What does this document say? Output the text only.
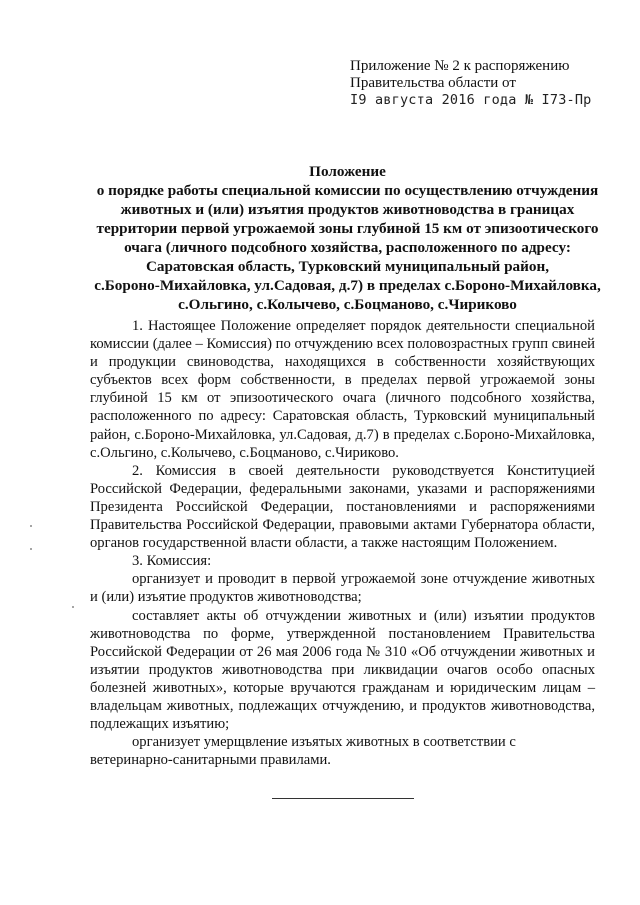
Приложение № 2 к распоряжению
Правительства области от
I9 августа 2016 года № I73-Пр
Положение
о порядке работы специальной комиссии по осуществлению отчуждения
животных и (или) изъятия продуктов животноводства в границах
территории первой угрожаемой зоны глубиной 15 км от эпизоотического
очага (личного подсобного хозяйства, расположенного по адресу:
Саратовская область, Турковский муниципальный район,
с.Бороно-Михайловка, ул.Садовая, д.7) в пределах с.Бороно-Михайловка,
с.Ольгино, с.Колычево, с.Боцманово, с.Чириково

1. Настоящее Положение определяет порядок деятельности специальной комиссии (далее – Комиссия) по отчуждению всех половозрастных групп свиней и продукции свиноводства, находящихся в собственности хозяйствующих субъектов всех форм собственности, в пределах первой угрожаемой зоны глубиной 15 км от эпизоотического очага (личного подсобного хозяйства, расположенного по адресу: Саратовская область, Турковский муниципальный район, с.Бороно-Михайловка, ул.Садовая, д.7) в пределах с.Бороно-Михайловка, с.Ольгино, с.Колычево, с.Боцманово, с.Чириково.

2. Комиссия в своей деятельности руководствуется Конституцией Российской Федерации, федеральными законами, указами и распоряжениями Президента Российской Федерации, постановлениями и распоряжениями Правительства Российской Федерации, правовыми актами Губернатора области, органов государственной власти области, а также настоящим Положением.

3. Комиссия:

организует и проводит в первой угрожаемой зоне отчуждение животных и (или) изъятие продуктов животноводства;

составляет акты об отчуждении животных и (или) изъятии продуктов животноводства по форме, утвержденной постановлением Правительства Российской Федерации от 26 мая 2006 года № 310 «Об отчуждении животных и изъятии продуктов животноводства при ликвидации очагов особо опасных болезней животных», которые вручаются гражданам и юридическим лицам – владельцам животных, подлежащих отчуждению, и продуктов животноводства, подлежащих изъятию;

организует умерщвление изъятых животных в соответствии с ветеринарно-санитарными правилами.
